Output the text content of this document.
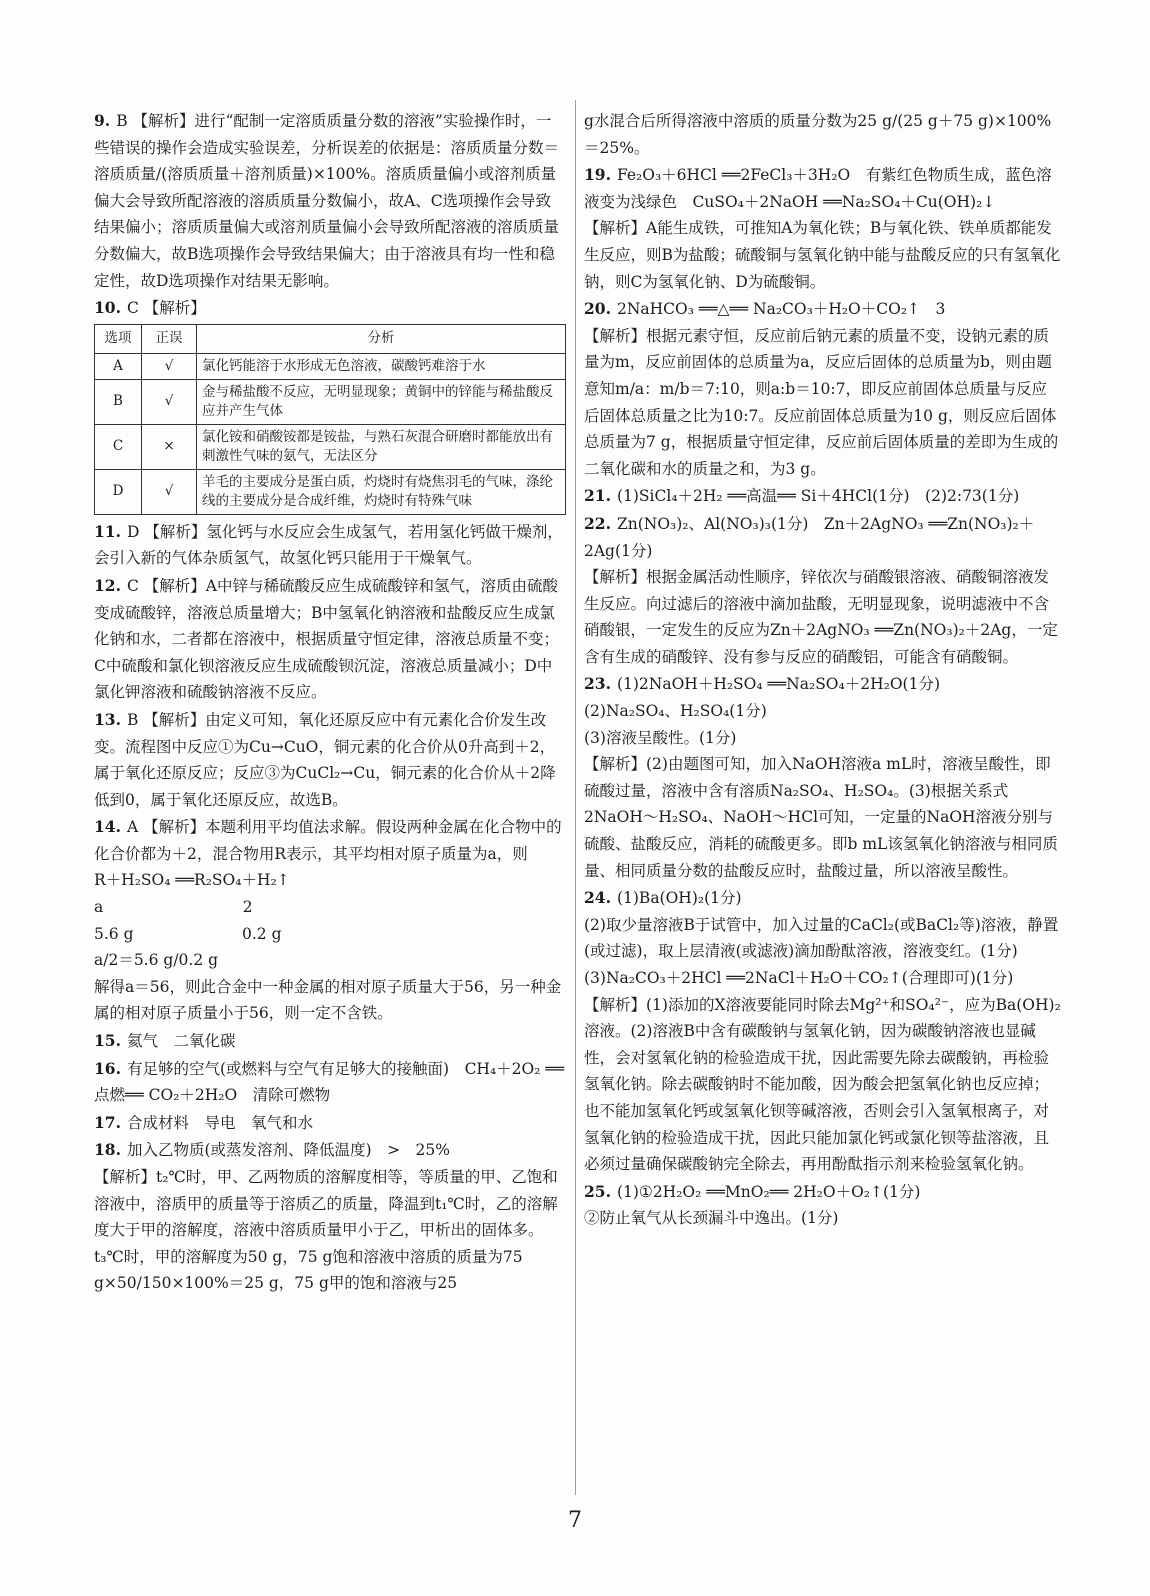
9. B 【解析】进行“配制一定溶质质量分数的溶液”实验操作时，一些错误的操作会造成实验误差，分析误差的依据是：溶质质量分数＝溶质质量/(溶质质量＋溶剂质量)×100%。溶质质量偏小或溶剂质量偏大会导致所配溶液的溶质质量分数偏小，故A、C选项操作会导致结果偏小；溶质质量偏大或溶剂质量偏小会导致所配溶液的溶质质量分数偏大，故B选项操作会导致结果偏大；由于溶液具有均一性和稳定性，故D选项操作对结果无影响。

10. C 【解析】

选项	正误	分析
A	√	氯化钙能溶于水形成无色溶液，碳酸钙难溶于水
B	√	金与稀盐酸不反应，无明显现象；黄铜中的锌能与稀盐酸反应并产生气体
C	×	氯化铵和硝酸铵都是铵盐，与熟石灰混合研磨时都能放出有刺激性气味的氨气，无法区分
D	√	羊毛的主要成分是蛋白质，灼烧时有烧焦羽毛的气味，涤纶线的主要成分是合成纤维，灼烧时有特殊气味

11. D 【解析】氢化钙与水反应会生成氢气，若用氢化钙做干燥剂，会引入新的气体杂质氢气，故氢化钙只能用于干燥氧气。

12. C 【解析】A中锌与稀硫酸反应生成硫酸锌和氢气，溶质由硫酸变成硫酸锌，溶液总质量增大；B中氢氧化钠溶液和盐酸反应生成氯化钠和水，二者都在溶液中，根据质量守恒定律，溶液总质量不变；C中硫酸和氯化钡溶液反应生成硫酸钡沉淀，溶液总质量减小；D中氯化钾溶液和硫酸钠溶液不反应。

13. B 【解析】由定义可知，氧化还原反应中有元素化合价发生改变。流程图中反应①为Cu→CuO，铜元素的化合价从0升高到＋2，属于氧化还原反应；反应③为CuCl₂→Cu，铜元素的化合价从＋2降低到0，属于氧化还原反应，故选B。

14. A 【解析】本题利用平均值法求解。假设两种金属在化合物中的化合价都为＋2，混合物用R表示，其平均相对原子质量为a，则
R＋H₂SO₄ ══R₂SO₄＋H₂↑
a　　　　　　　　　2
5.6 g　　　　　　　0.2 g
a/2＝5.6 g/0.2 g
解得a＝56，则此合金中一种金属的相对原子质量大于56，另一种金属的相对原子质量小于56，则一定不含铁。

15. 氦气　二氧化碳

16. 有足够的空气(或燃料与空气有足够大的接触面)　CH₄＋2O₂ ══点燃══ CO₂＋2H₂O　清除可燃物

17. 合成材料　导电　氧气和水

18. 加入乙物质(或蒸发溶剂、降低温度)　>　25%
【解析】t₂℃时，甲、乙两物质的溶解度相等，等质量的甲、乙饱和溶液中，溶质甲的质量等于溶质乙的质量，降温到t₁℃时，乙的溶解度大于甲的溶解度，溶液中溶质质量甲小于乙，甲析出的固体多。t₃℃时，甲的溶解度为50 g，75 g饱和溶液中溶质的质量为75 g×50/150×100%＝25 g，75 g甲的饱和溶液与25

g水混合后所得溶液中溶质的质量分数为25 g/(25 g＋75 g)×100%＝25%。

19. Fe₂O₃＋6HCl ══2FeCl₃＋3H₂O　有紫红色物质生成，蓝色溶液变为浅绿色　CuSO₄＋2NaOH ══Na₂SO₄＋Cu(OH)₂↓
【解析】A能生成铁，可推知A为氧化铁；B与氧化铁、铁单质都能发生反应，则B为盐酸；硫酸铜与氢氧化钠中能与盐酸反应的只有氢氧化钠，则C为氢氧化钠、D为硫酸铜。

20. 2NaHCO₃ ══△══ Na₂CO₃＋H₂O＋CO₂↑　3
【解析】根据元素守恒，反应前后钠元素的质量不变，设钠元素的质量为m，反应前固体的总质量为a，反应后固体的总质量为b，则由题意知m/a：m/b＝7:10，则a:b＝10:7，即反应前固体总质量与反应后固体总质量之比为10:7。反应前固体总质量为10 g，则反应后固体总质量为7 g，根据质量守恒定律，反应前后固体质量的差即为生成的二氧化碳和水的质量之和，为3 g。

21. (1)SiCl₄＋2H₂ ══高温══ Si＋4HCl(1分)　(2)2:73(1分)

22. Zn(NO₃)₂、Al(NO₃)₃(1分)　Zn＋2AgNO₃ ══Zn(NO₃)₂＋2Ag(1分)
【解析】根据金属活动性顺序，锌依次与硝酸银溶液、硝酸铜溶液发生反应。向过滤后的溶液中滴加盐酸，无明显现象，说明滤液中不含硝酸银，一定发生的反应为Zn＋2AgNO₃ ══Zn(NO₃)₂＋2Ag，一定含有生成的硝酸锌、没有参与反应的硝酸铝，可能含有硝酸铜。

23. (1)2NaOH＋H₂SO₄ ══Na₂SO₄＋2H₂O(1分)
(2)Na₂SO₄、H₂SO₄(1分)
(3)溶液呈酸性。(1分)
【解析】(2)由题图可知，加入NaOH溶液a mL时，溶液呈酸性，即硫酸过量，溶液中含有溶质Na₂SO₄、H₂SO₄。(3)根据关系式2NaOH～H₂SO₄、NaOH～HCl可知，一定量的NaOH溶液分别与硫酸、盐酸反应，消耗的硫酸更多。即b mL该氢氧化钠溶液与相同质量、相同质量分数的盐酸反应时，盐酸过量，所以溶液呈酸性。

24. (1)Ba(OH)₂(1分)
(2)取少量溶液B于试管中，加入过量的CaCl₂(或BaCl₂等)溶液，静置(或过滤)，取上层清液(或滤液)滴加酚酞溶液，溶液变红。(1分)
(3)Na₂CO₃＋2HCl ══2NaCl＋H₂O＋CO₂↑(合理即可)(1分)
【解析】(1)添加的X溶液要能同时除去Mg²⁺和SO₄²⁻，应为Ba(OH)₂溶液。(2)溶液B中含有碳酸钠与氢氧化钠，因为碳酸钠溶液也显碱性，会对氢氧化钠的检验造成干扰，因此需要先除去碳酸钠，再检验氢氧化钠。除去碳酸钠时不能加酸，因为酸会把氢氧化钠也反应掉；也不能加氢氧化钙或氢氧化钡等碱溶液，否则会引入氢氧根离子，对氢氧化钠的检验造成干扰，因此只能加氯化钙或氯化钡等盐溶液，且必须过量确保碳酸钠完全除去，再用酚酞指示剂来检验氢氧化钠。

25. (1)①2H₂O₂ ══MnO₂══ 2H₂O＋O₂↑(1分)
②防止氧气从长颈漏斗中逸出。(1分)

7
